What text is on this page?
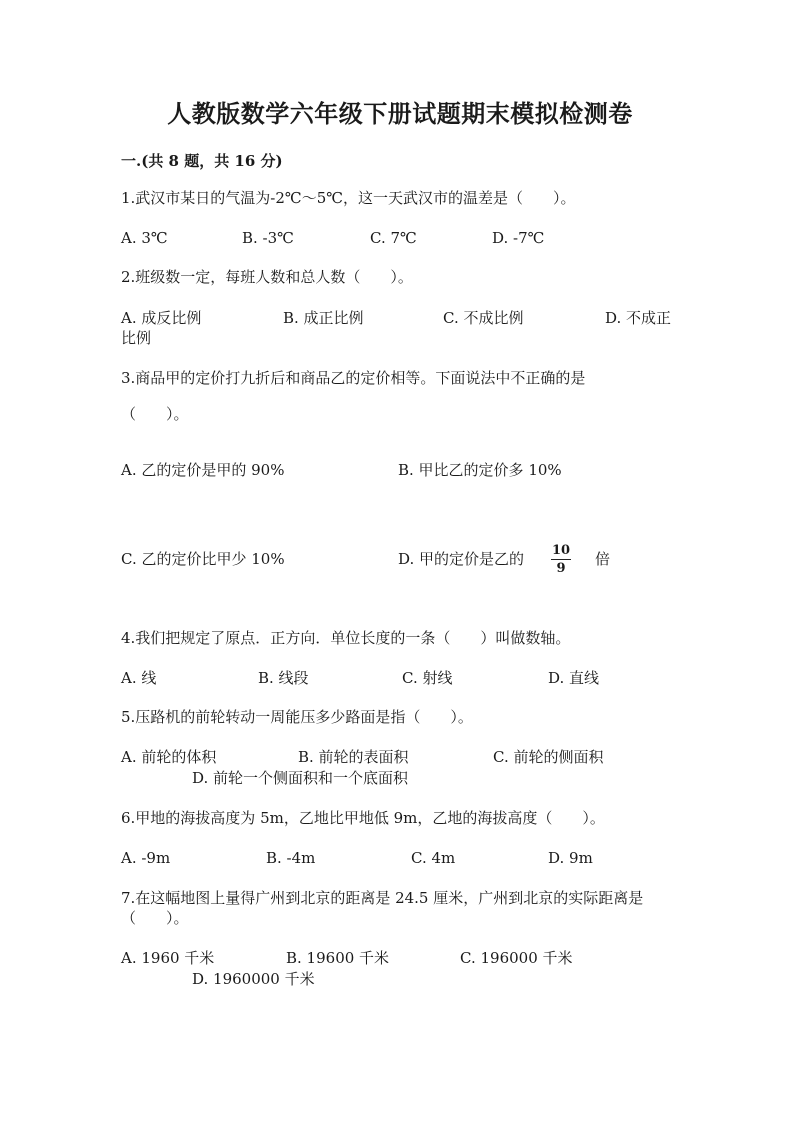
人教版数学六年级下册试题期末模拟检测卷
一.(共 8 题，共 16 分)
1.武汉市某日的气温为-2℃～5℃，这一天武汉市的温差是（　　）。
A. 3℃	B. -3℃	C. 7℃	D. -7℃
2.班级数一定，每班人数和总人数（　　）。
A. 成反比例	B. 成正比例	C. 不成比例	D. 不成正
比例
3.商品甲的定价打九折后和商品乙的定价相等。下面说法中不正确的是
（　　）。
A. 乙的定价是甲的 90%	B. 甲比乙的定价多 10%
C. 乙的定价比甲少 10%	D. 甲的定价是乙的 10
9
倍
4.我们把规定了原点．正方向．单位长度的一条（　　）叫做数轴。
A. 线	B. 线段	C. 射线	D. 直线
5.压路机的前轮转动一周能压多少路面是指（　　）。
A. 前轮的体积	B. 前轮的表面积	C. 前轮的侧面积
D. 前轮一个侧面积和一个底面积
6.甲地的海拔高度为 5m，乙地比甲地低 9m，乙地的海拔高度（　　）。
A. -9m	B. -4m	C. 4m	D. 9m
7.在这幅地图上量得广州到北京的距离是 24.5 厘米，广州到北京的实际距离是
（　　）。
A. 1960 千米	B. 19600 千米	C. 196000 千米
D. 1960000 千米
